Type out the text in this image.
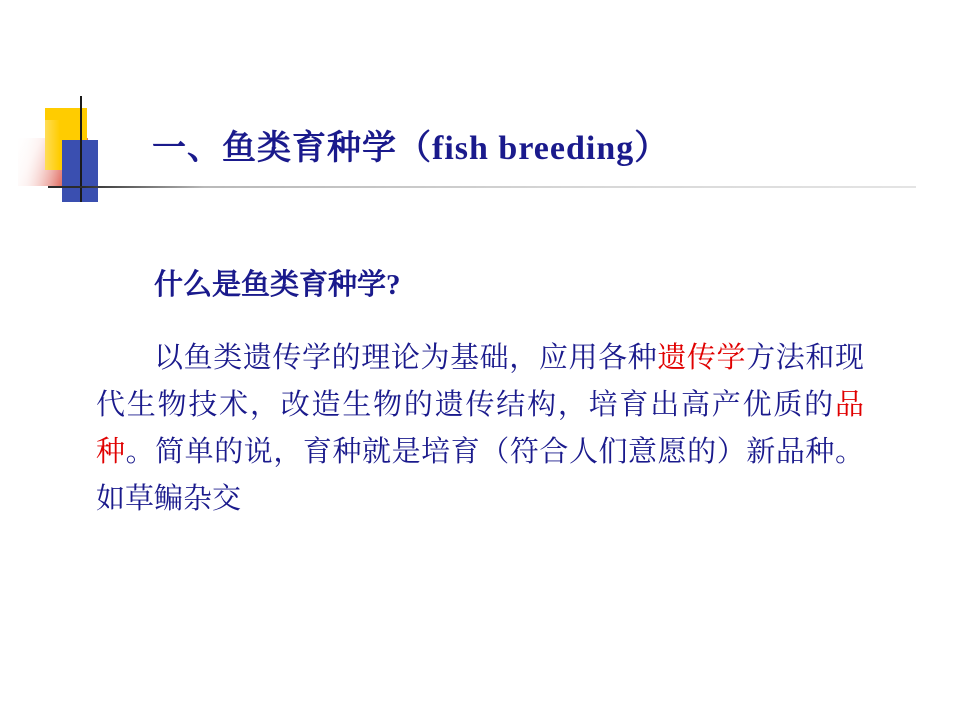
一、鱼类育种学（fish breeding）

什么是鱼类育种学?

以鱼类遗传学的理论为基础，应用各种遗传学方法和现代生物技术，改造生物的遗传结构，培育出高产优质的品种。简单的说，育种就是培育（符合人们意愿的）新品种。如草鳊杂交
